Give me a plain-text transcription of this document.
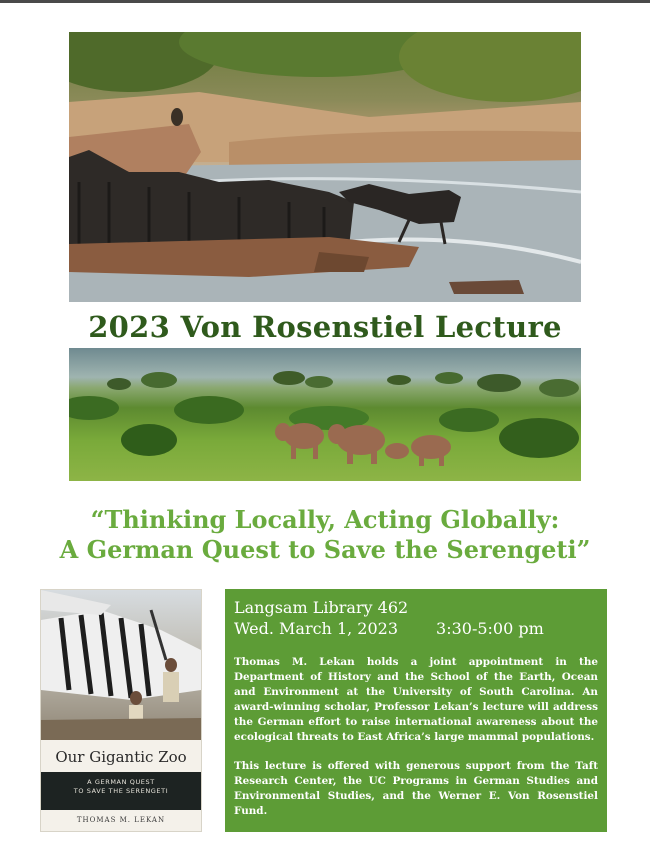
2023 Von Rosenstiel Lecture
“Thinking Locally, Acting Globally:
A German Quest to Save the Serengeti”
Our Gigantic Zoo
A GERMAN QUEST
TO SAVE THE SERENGETI
THOMAS M. LEKAN
Langsam Library 462
Wed. March 1, 2023 3:30-5:00 pm
Thomas M. Lekan holds a joint appointment in the Department of History and the School of the Earth, Ocean and Environment at the University of South Carolina. An award-winning scholar, Professor Lekan’s lecture will address the German effort to raise international awareness about the ecological threats to East Africa’s large mammal populations.
This lecture is offered with generous support from the Taft Research Center, the UC Programs in German Studies and Environmental Studies, and the Werner E. Von Rosenstiel Fund.
